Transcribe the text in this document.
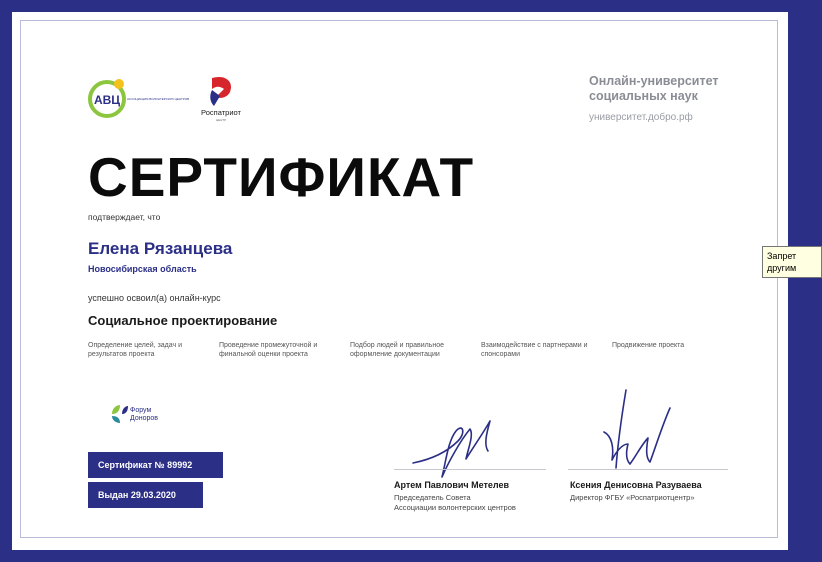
АВЦ АССОЦИАЦИЯ ВОЛОНТЕРСКИХ ЦЕНТРОВ
Роспатриот
ЦЕНТР
Онлайн-университет
социальных наук
университет.добро.рф
СЕРТИФИКАТ
подтверждает, что
Елена Рязанцева
Новосибирская область
успешно освоил(а) онлайн-курс
Социальное проектирование
Определение целей, задач и результатов проекта
Проведение промежуточной и финальной оценки проекта
Подбор людей и правильное оформление документации
Взаимодействие с партнерами и спонсорами
Продвижение проекта
Форум
Доноров
Сертификат № 89992
Выдан 29.03.2020
Артем Павлович Метелев
Председатель Совета
Ассоциации волонтерских центров
Ксения Денисовна Разуваева
Директор ФГБУ «Роспатриотцентр»
Запрет
другим
